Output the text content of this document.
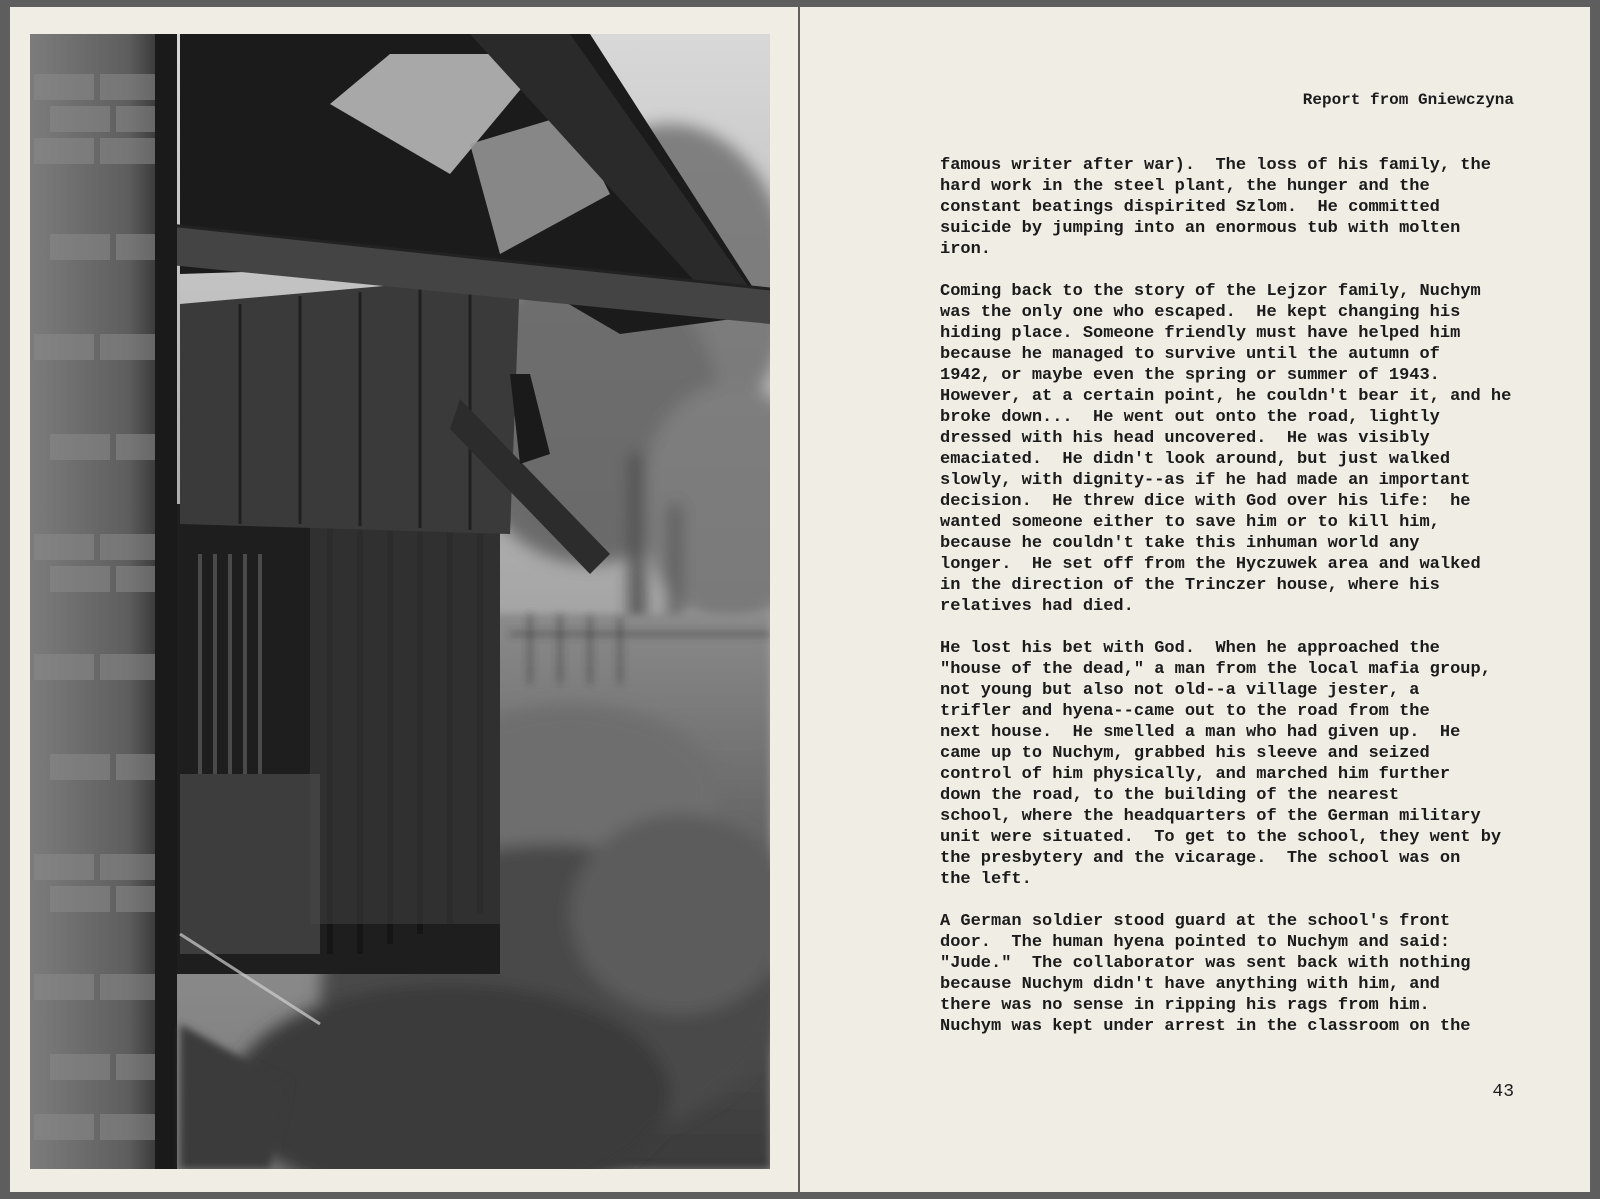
Report from Gniewczyna
famous writer after war).  The loss of his family, the
hard work in the steel plant, the hunger and the
constant beatings dispirited Szlom.  He committed
suicide by jumping into an enormous tub with molten
iron.
Coming back to the story of the Lejzor family, Nuchym
was the only one who escaped.  He kept changing his
hiding place. Someone friendly must have helped him
because he managed to survive until the autumn of
1942, or maybe even the spring or summer of 1943.
However, at a certain point, he couldn't bear it, and he
broke down...  He went out onto the road, lightly
dressed with his head uncovered.  He was visibly
emaciated.  He didn't look around, but just walked
slowly, with dignity--as if he had made an important
decision.  He threw dice with God over his life:  he
wanted someone either to save him or to kill him,
because he couldn't take this inhuman world any
longer.  He set off from the Hyczuwek area and walked
in the direction of the Trinczer house, where his
relatives had died.
He lost his bet with God.  When he approached the
"house of the dead," a man from the local mafia group,
not young but also not old--a village jester, a
trifler and hyena--came out to the road from the
next house.  He smelled a man who had given up.  He
came up to Nuchym, grabbed his sleeve and seized
control of him physically, and marched him further
down the road, to the building of the nearest
school, where the headquarters of the German military
unit were situated.  To get to the school, they went by
the presbytery and the vicarage.  The school was on
the left.
A German soldier stood guard at the school's front
door.  The human hyena pointed to Nuchym and said:
"Jude."  The collaborator was sent back with nothing
because Nuchym didn't have anything with him, and
there was no sense in ripping his rags from him.
Nuchym was kept under arrest in the classroom on the
43
